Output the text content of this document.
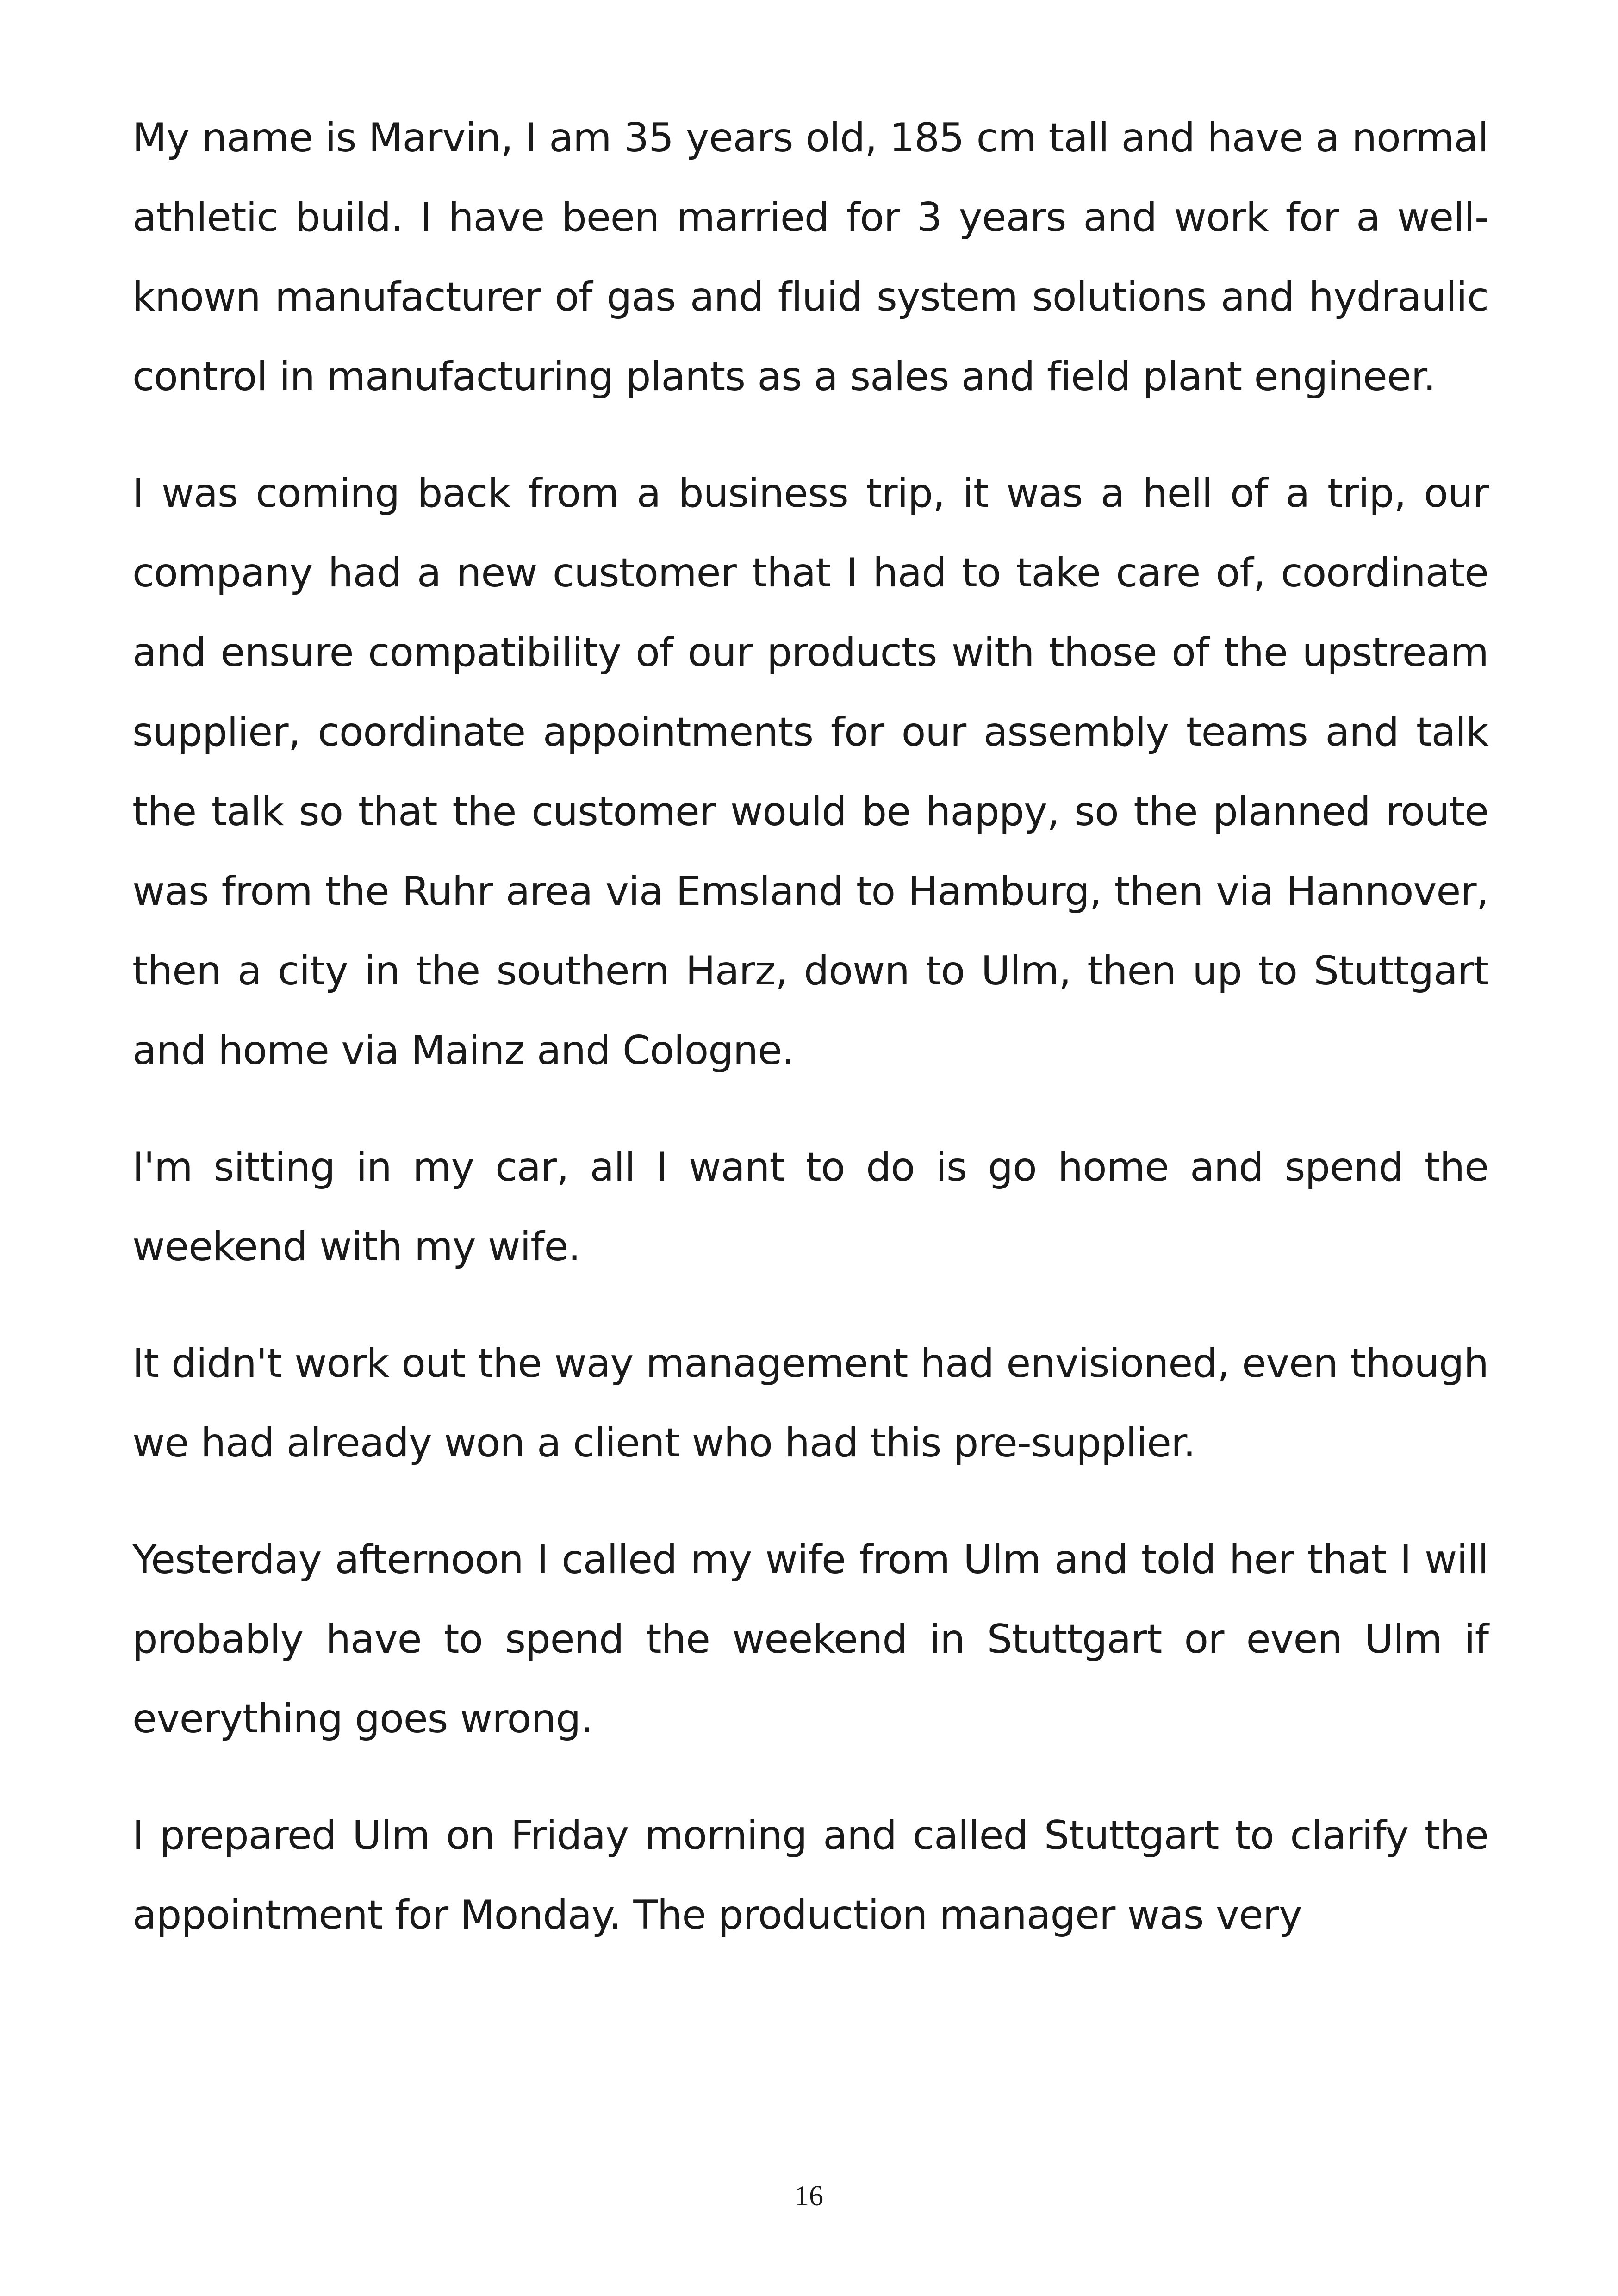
My name is Marvin, I am 35 years old, 185 cm tall and have a normal athletic build. I have been married for 3 years and work for a well-known manufacturer of gas and fluid system solutions and hydraulic control in manufacturing plants as a sales and field plant engineer.

I was coming back from a business trip, it was a hell of a trip, our company had a new customer that I had to take care of, coordinate and ensure compatibility of our products with those of the upstream supplier, coordinate appointments for our assembly teams and talk the talk so that the customer would be happy, so the planned route was from the Ruhr area via Emsland to Hamburg, then via Hannover, then a city in the southern Harz, down to Ulm, then up to Stuttgart and home via Mainz and Cologne.

I'm sitting in my car, all I want to do is go home and spend the weekend with my wife.

It didn't work out the way management had envisioned, even though we had already won a client who had this pre-supplier.

Yesterday afternoon I called my wife from Ulm and told her that I will probably have to spend the weekend in Stuttgart or even Ulm if everything goes wrong.

I prepared Ulm on Friday morning and called Stuttgart to clarify the appointment for Monday. The production manager was very

16
